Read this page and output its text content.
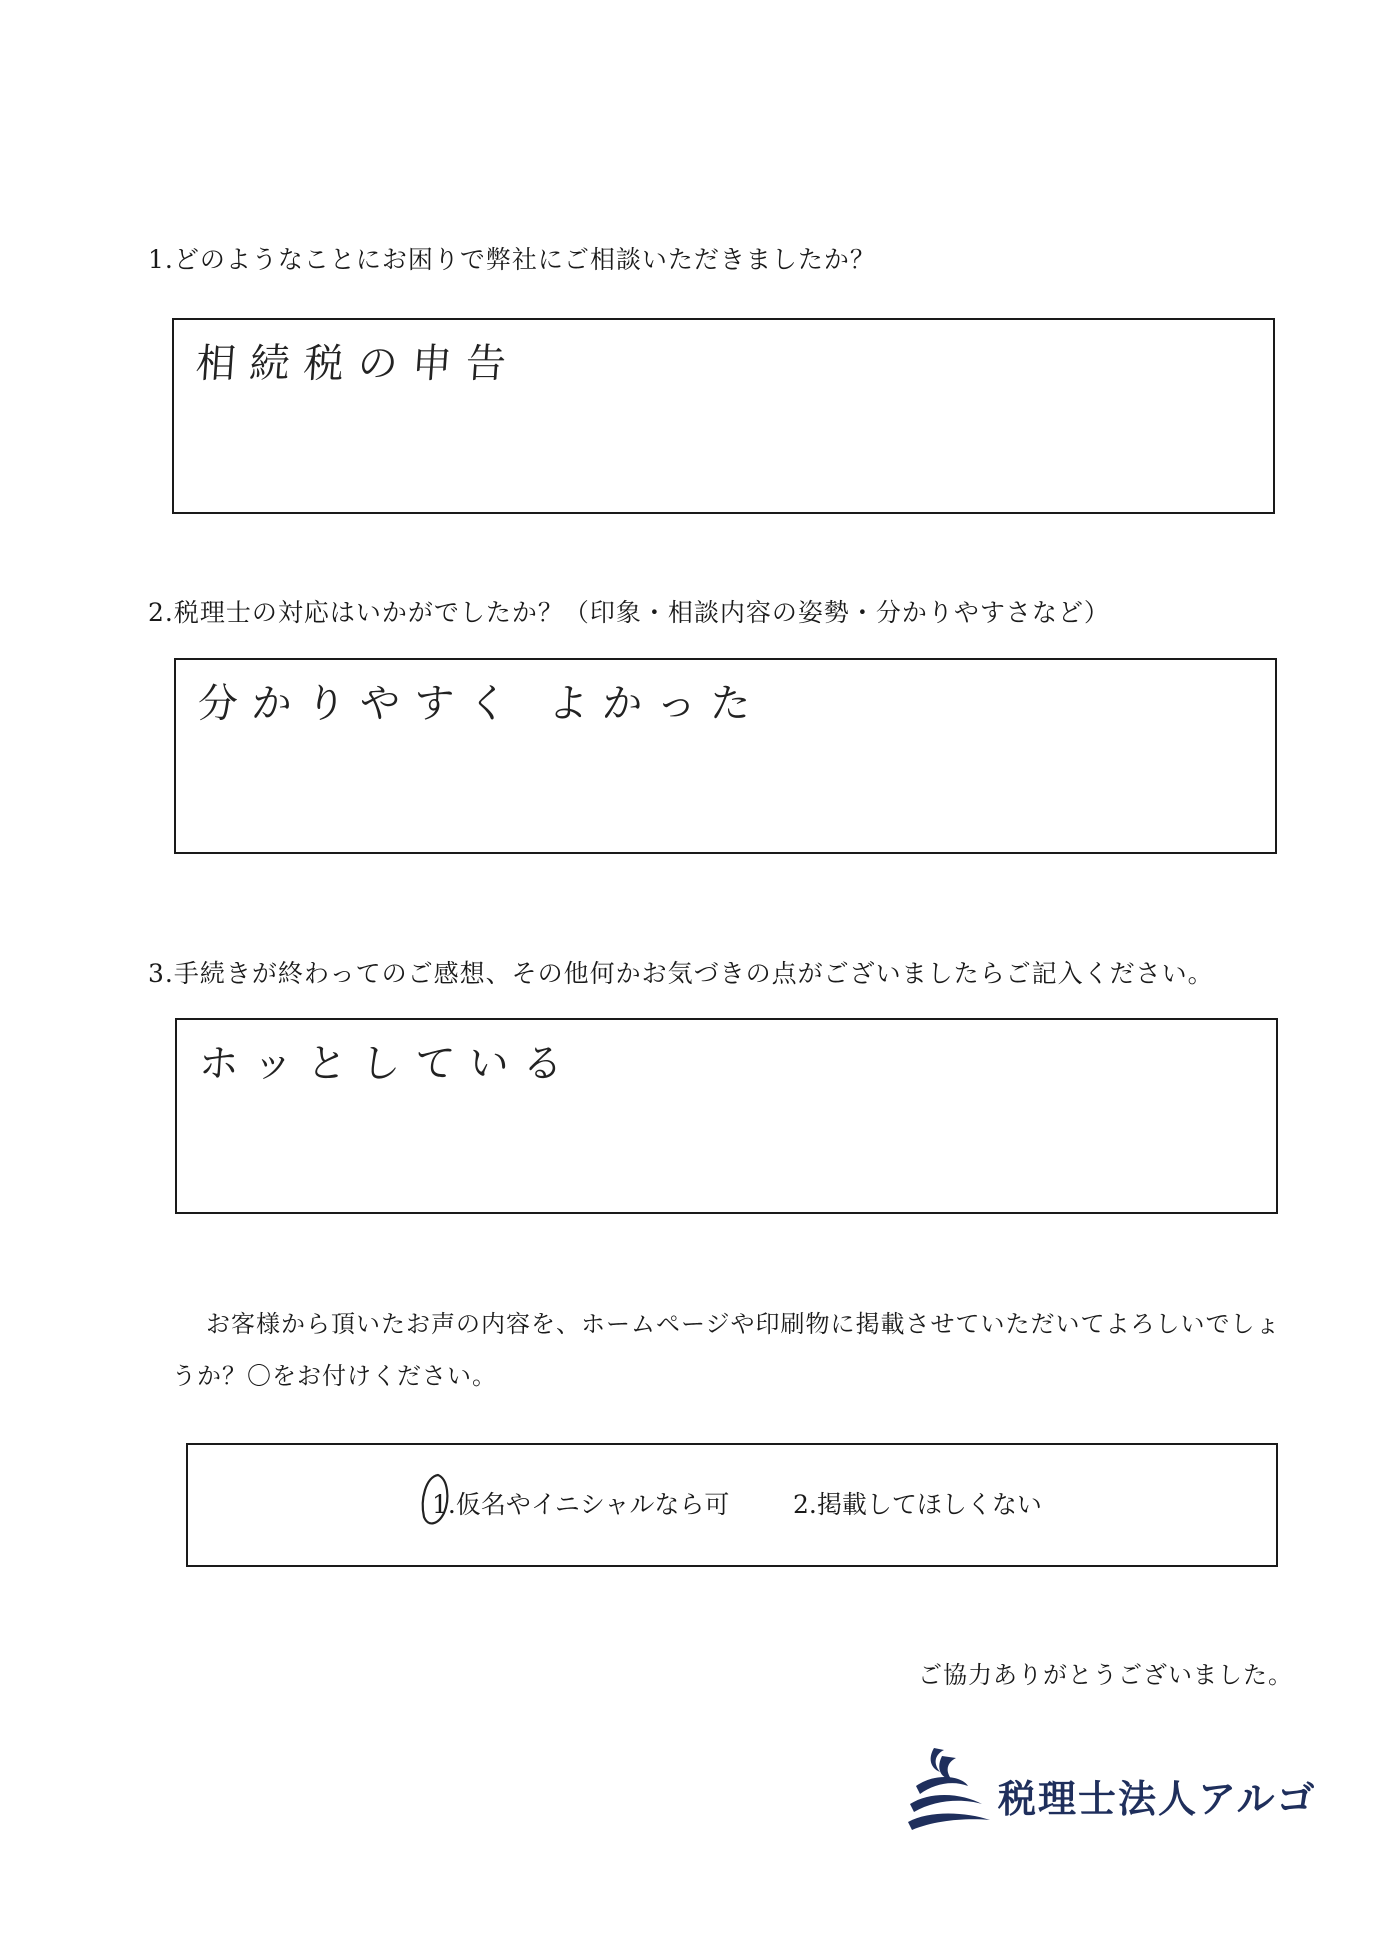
1.どのようなことにお困りで弊社にご相談いただきましたか？
相続税の申告
2.税理士の対応はいかがでしたか？（印象・相談内容の姿勢・分かりやすさなど）
分かりやすく よかった
3.手続きが終わってのご感想、その他何かお気づきの点がございましたらご記入ください。
ホッとしている
お客様から頂いたお声の内容を、ホームページや印刷物に掲載させていただいてよろしいでしょ
うか？〇をお付けください。
1.仮名やイニシャルなら可	2.掲載してほしくない
ご協力ありがとうございました。
税理士法人アルゴ
